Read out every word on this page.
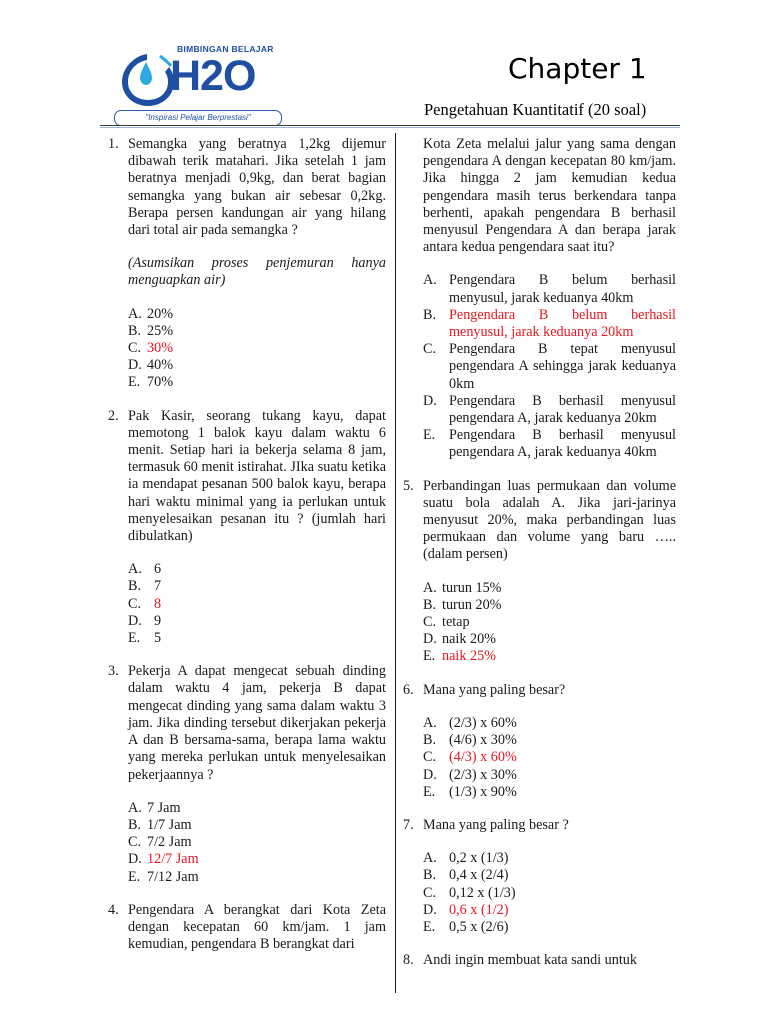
BIMBINGAN BELAJAR
H2O
"Inspirasi Pelajar Berprestasi"
Chapter 1
Pengetahuan Kuantitatif (20 soal)
1. Semangka yang beratnya 1,2kg dijemur dibawah terik matahari. Jika setelah 1 jam beratnya menjadi 0,9kg, dan berat bagian semangka yang bukan air sebesar 0,2kg. Berapa persen kandungan air yang hilang dari total air pada semangka ?
(Asumsikan proses penjemuran hanya menguapkan air)
A. 20%
B. 25%
C. 30%
D. 40%
E. 70%
2. Pak Kasir, seorang tukang kayu, dapat memotong 1 balok kayu dalam waktu 6 menit. Setiap hari ia bekerja selama 8 jam, termasuk 60 menit istirahat. JIka suatu ketika ia mendapat pesanan 500 balok kayu, berapa hari waktu minimal yang ia perlukan untuk menyelesaikan pesanan itu ? (jumlah hari dibulatkan)
A. 6
B. 7
C. 8
D. 9
E. 5
3. Pekerja A dapat mengecat sebuah dinding dalam waktu 4 jam, pekerja B dapat mengecat dinding yang sama dalam waktu 3 jam. Jika dinding tersebut dikerjakan pekerja A dan B bersama-sama, berapa lama waktu yang mereka perlukan untuk menyelesaikan pekerjaannya ?
A. 7 Jam
B. 1/7 Jam
C. 7/2 Jam
D. 12/7 Jam
E. 7/12 Jam
4. Pengendara A berangkat dari Kota Zeta dengan kecepatan 60 km/jam. 1 jam kemudian, pengendara B berangkat dari
Kota Zeta melalui jalur yang sama dengan pengendara A dengan kecepatan 80 km/jam. Jika hingga 2 jam kemudian kedua pengendara masih terus berkendara tanpa berhenti, apakah pengendara B berhasil menyusul Pengendara A dan berapa jarak antara kedua pengendara saat itu?
A. Pengendara B belum berhasil menyusul, jarak keduanya 40km
B. Pengendara B belum berhasil menyusul, jarak keduanya 20km
C. Pengendara B tepat menyusul pengendara A sehingga jarak keduanya 0km
D. Pengendara B berhasil menyusul pengendara A, jarak keduanya 20km
E. Pengendara B berhasil menyusul pengendara A, jarak keduanya 40km
5. Perbandingan luas permukaan dan volume suatu bola adalah A. Jika jari-jarinya menyusut 20%, maka perbandingan luas permukaan dan volume yang baru …..(dalam persen)
A. turun 15%
B. turun 20%
C. tetap
D. naik 20%
E. naik 25%
6. Mana yang paling besar?
A. (2/3) x 60%
B. (4/6) x 30%
C. (4/3) x 60%
D. (2/3) x 30%
E. (1/3) x 90%
7. Mana yang paling besar ?
A. 0,2 x (1/3)
B. 0,4 x (2/4)
C. 0,12 x (1/3)
D. 0,6 x (1/2)
E. 0,5 x (2/6)
8. Andi ingin membuat kata sandi untuk
